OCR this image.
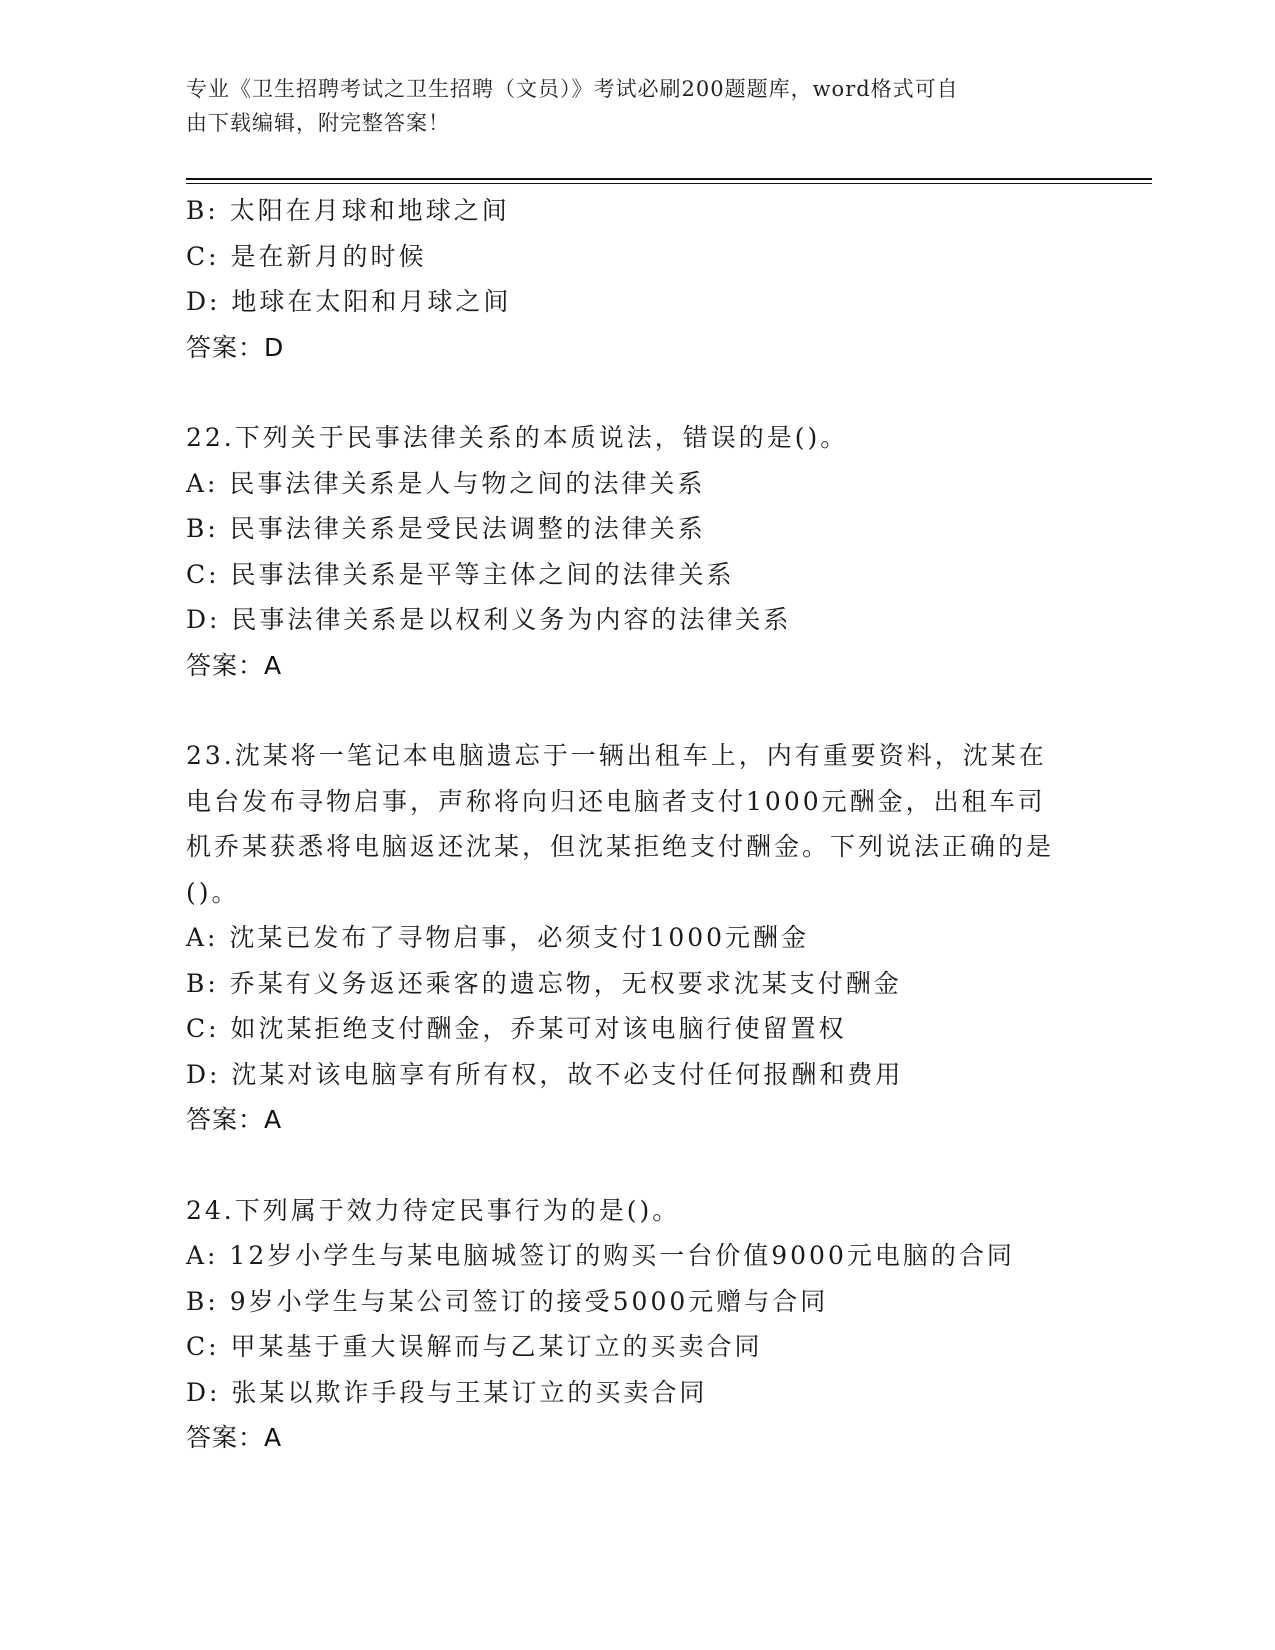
专业《卫生招聘考试之卫生招聘（文员）》考试必刷200题题库，word格式可自
由下载编辑，附完整答案！
B: 太阳在月球和地球之间
C: 是在新月的时候
D: 地球在太阳和月球之间
答案：D
22.下列关于民事法律关系的本质说法，错误的是()。
A: 民事法律关系是人与物之间的法律关系
B: 民事法律关系是受民法调整的法律关系
C: 民事法律关系是平等主体之间的法律关系
D: 民事法律关系是以权利义务为内容的法律关系
答案：A
23.沈某将一笔记本电脑遗忘于一辆出租车上，内有重要资料，沈某在电台发布寻物启事，声称将向归还电脑者支付1000元酬金，出租车司机乔某获悉将电脑返还沈某，但沈某拒绝支付酬金。下列说法正确的是()。
A: 沈某已发布了寻物启事，必须支付1000元酬金
B: 乔某有义务返还乘客的遗忘物，无权要求沈某支付酬金
C: 如沈某拒绝支付酬金，乔某可对该电脑行使留置权
D: 沈某对该电脑享有所有权，故不必支付任何报酬和费用
答案：A
24.下列属于效力待定民事行为的是()。
A: 12岁小学生与某电脑城签订的购买一台价值9000元电脑的合同
B: 9岁小学生与某公司签订的接受5000元赠与合同
C: 甲某基于重大误解而与乙某订立的买卖合同
D: 张某以欺诈手段与王某订立的买卖合同
答案：A
